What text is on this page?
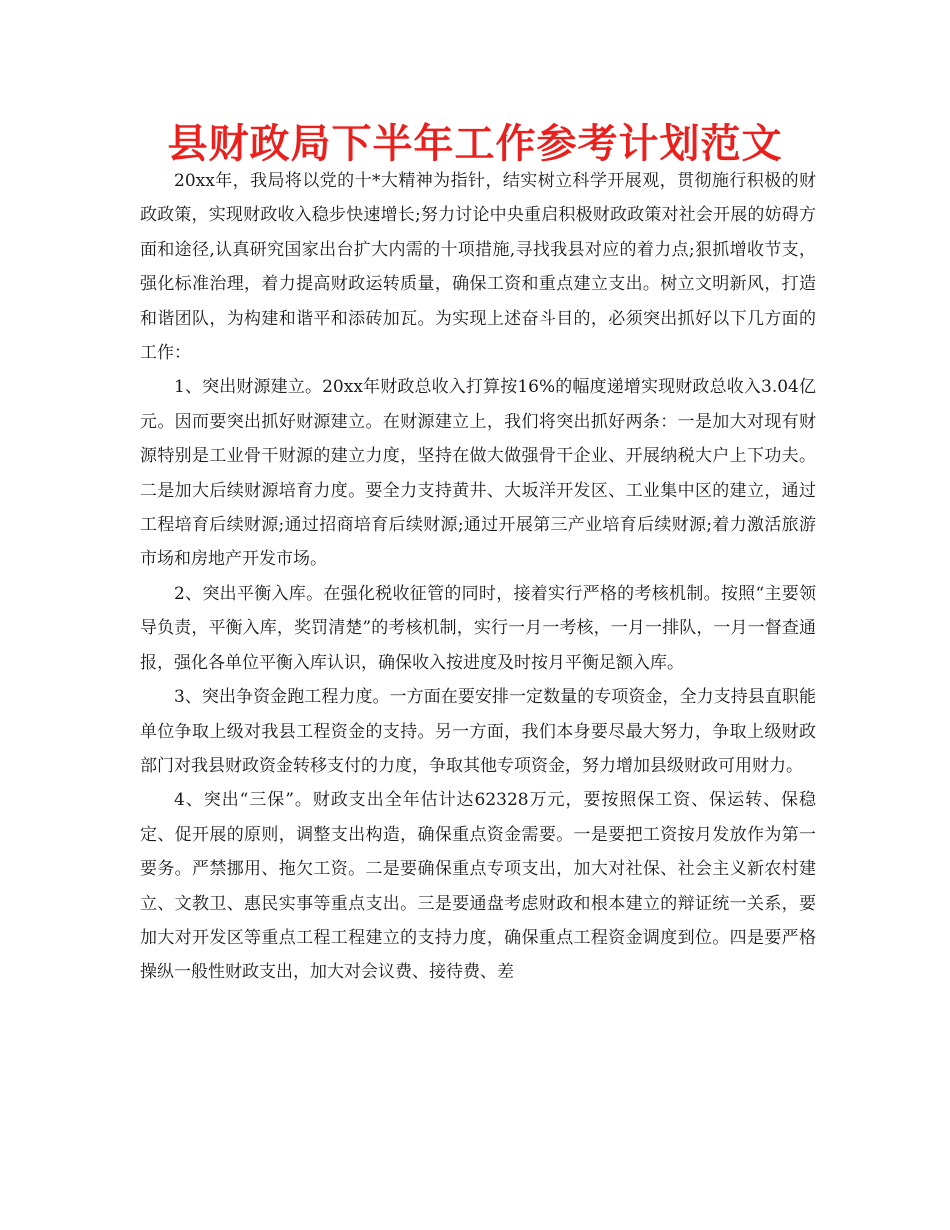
县财政局下半年工作参考计划范文

20xx年，我局将以党的十*大精神为指针，结实树立科学开展观，贯彻施行积极的财政政策，实现财政收入稳步快速增长;努力讨论中央重启积极财政政策对社会开展的妨碍方面和途径,认真研究国家出台扩大内需的十项措施,寻找我县对应的着力点;狠抓增收节支，强化标准治理，着力提高财政运转质量，确保工资和重点建立支出。树立文明新风，打造和谐团队，为构建和谐平和添砖加瓦。为实现上述奋斗目的，必须突出抓好以下几方面的工作：

1、突出财源建立。20xx年财政总收入打算按16%的幅度递增实现财政总收入3.04亿元。因而要突出抓好财源建立。在财源建立上，我们将突出抓好两条：一是加大对现有财源特别是工业骨干财源的建立力度，坚持在做大做强骨干企业、开展纳税大户上下功夫。二是加大后续财源培育力度。要全力支持黄井、大坂洋开发区、工业集中区的建立，通过工程培育后续财源;通过招商培育后续财源;通过开展第三产业培育后续财源;着力激活旅游市场和房地产开发市场。

2、突出平衡入库。在强化税收征管的同时，接着实行严格的考核机制。按照“主要领导负责，平衡入库，奖罚清楚”的考核机制，实行一月一考核，一月一排队，一月一督查通报，强化各单位平衡入库认识，确保收入按进度及时按月平衡足额入库。

3、突出争资金跑工程力度。一方面在要安排一定数量的专项资金，全力支持县直职能单位争取上级对我县工程资金的支持。另一方面，我们本身要尽最大努力，争取上级财政部门对我县财政资金转移支付的力度，争取其他专项资金，努力增加县级财政可用财力。

4、突出“三保”。财政支出全年估计达62328万元，要按照保工资、保运转、保稳定、促开展的原则，调整支出构造，确保重点资金需要。一是要把工资按月发放作为第一要务。严禁挪用、拖欠工资。二是要确保重点专项支出，加大对社保、社会主义新农村建立、文教卫、惠民实事等重点支出。三是要通盘考虑财政和根本建立的辩证统一关系，要加大对开发区等重点工程工程建立的支持力度，确保重点工程资金调度到位。四是要严格操纵一般性财政支出，加大对会议费、接待费、差
